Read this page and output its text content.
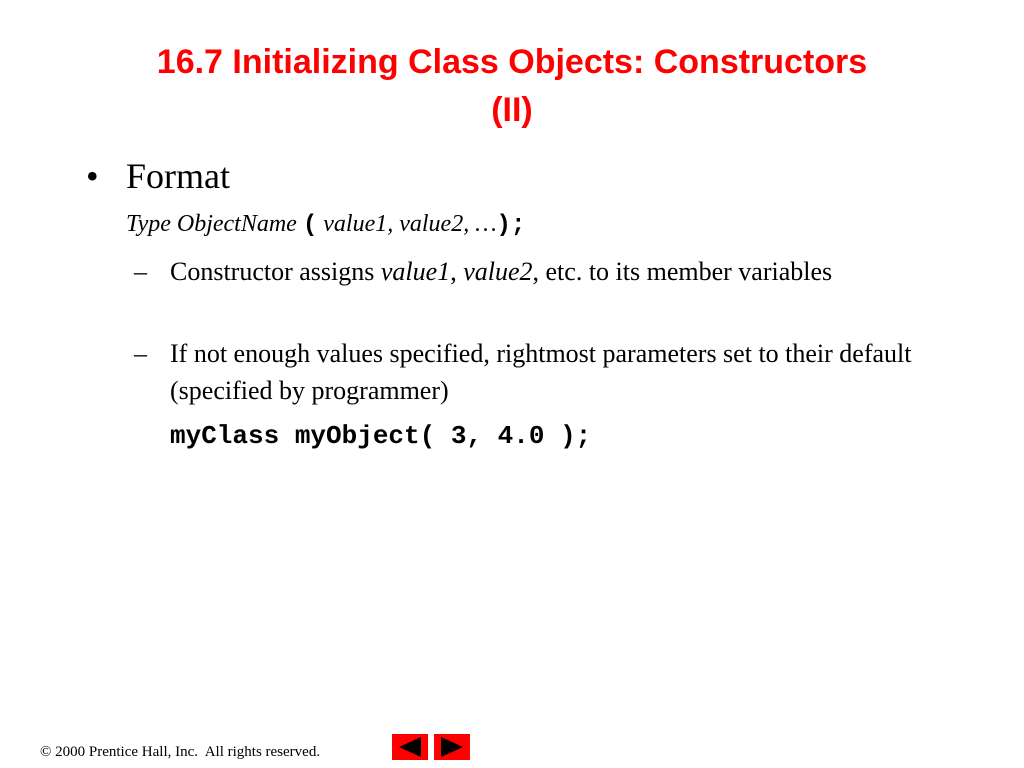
16.7 Initializing Class Objects: Constructors
(II)
• Format
Type ObjectName ( value1, value2, …);
– Constructor assigns value1, value2, etc. to its member variables
– If not enough values specified, rightmost parameters set to their default (specified by programmer)
myClass myObject( 3, 4.0 );
© 2000 Prentice Hall, Inc.  All rights reserved.
